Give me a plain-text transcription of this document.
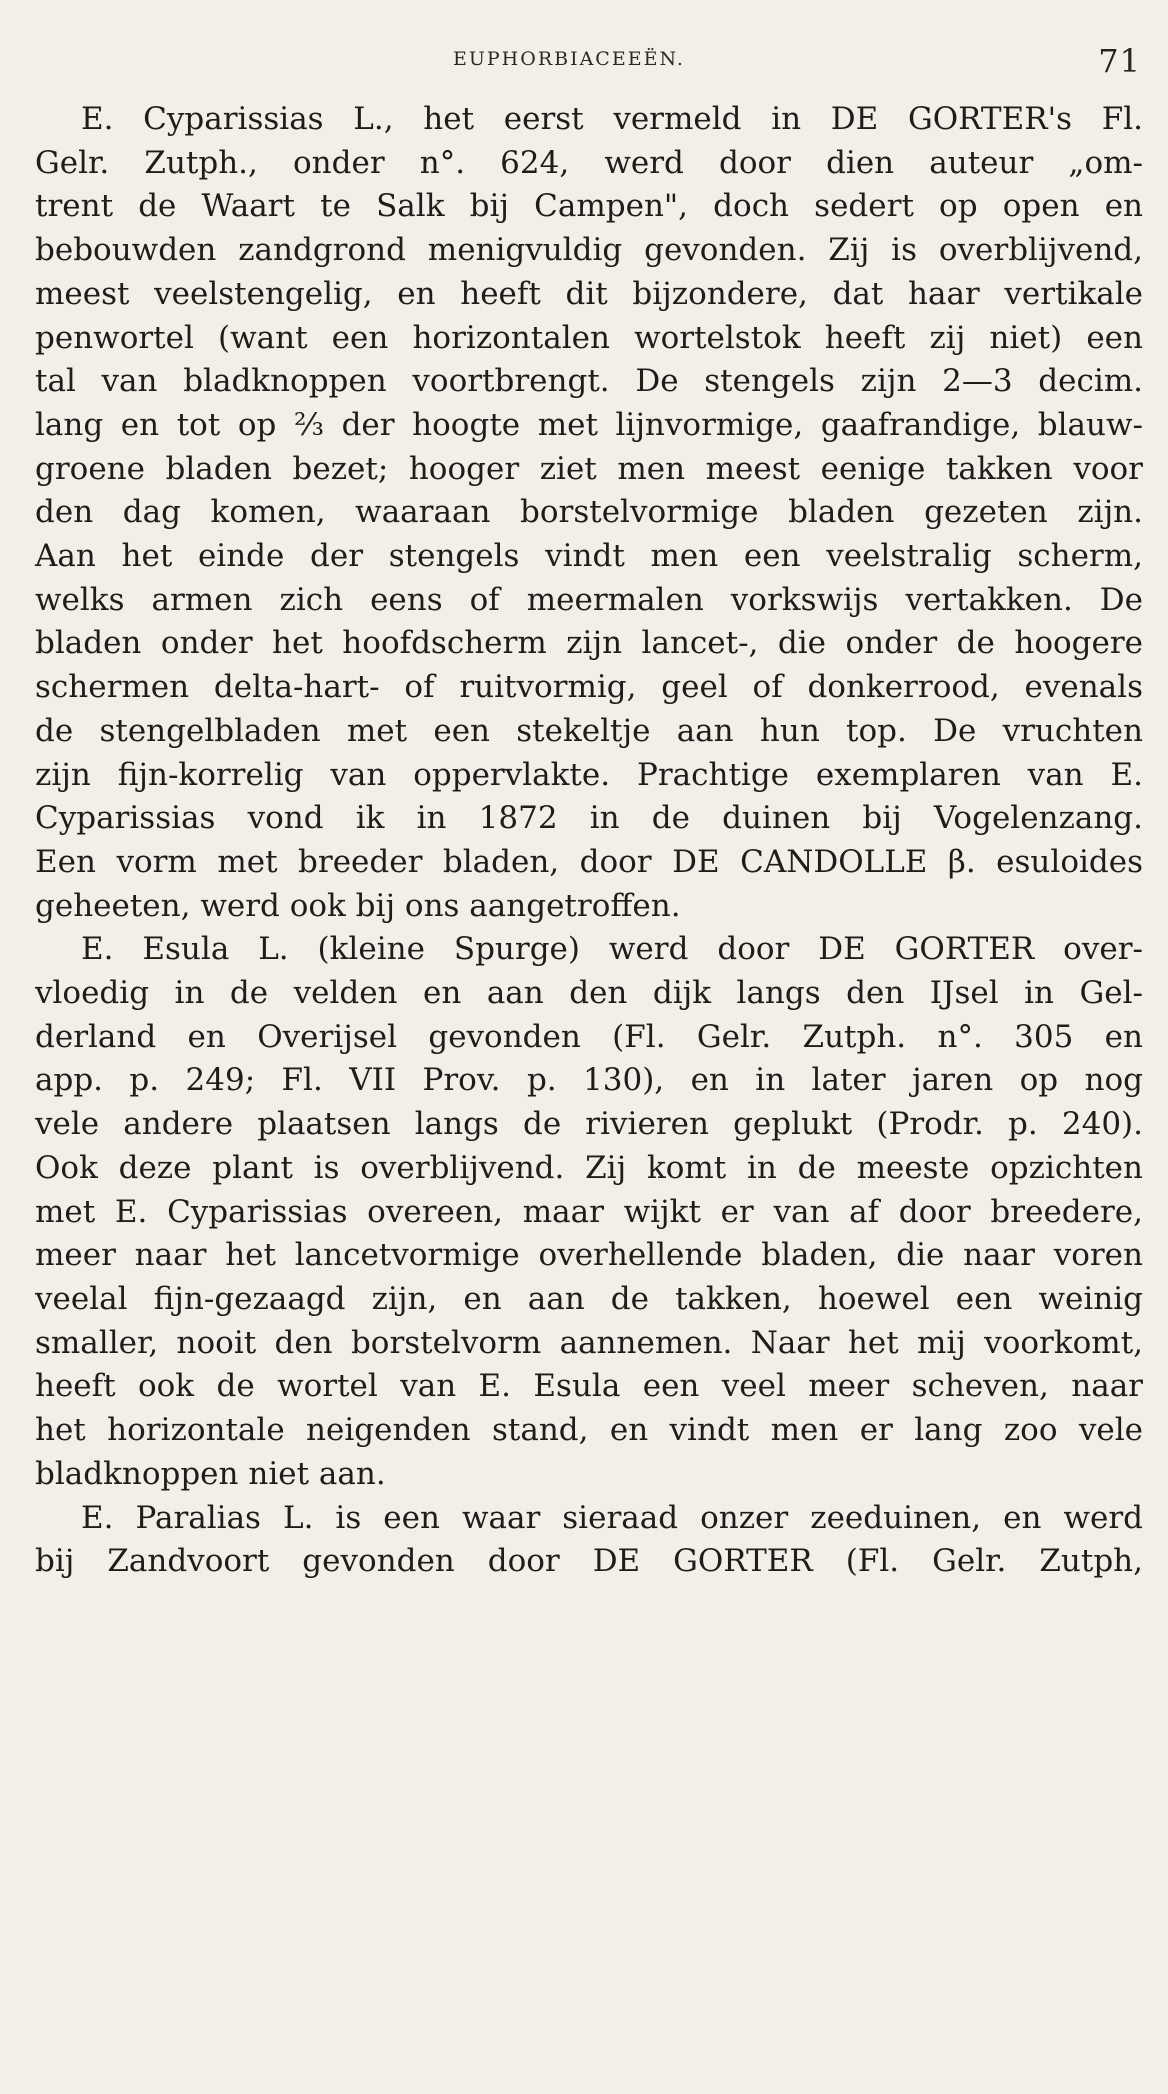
EUPHORBIACEEËN.	71
E. Cyparissias L., het eerst vermeld in DE GORTER's Fl.
Gelr. Zutph., onder n°. 624, werd door dien auteur „om-
trent de Waart te Salk bij Campen", doch sedert op open en
bebouwden zandgrond menigvuldig gevonden. Zij is overblijvend,
meest veelstengelig, en heeft dit bijzondere, dat haar vertikale
penwortel (want een horizontalen wortelstok heeft zij niet) een
tal van bladknoppen voortbrengt. De stengels zijn 2—3 decim.
lang en tot op ⅔ der hoogte met lijnvormige, gaafrandige, blauw-
groene bladen bezet; hooger ziet men meest eenige takken voor
den dag komen, waaraan borstelvormige bladen gezeten zijn.
Aan het einde der stengels vindt men een veelstralig scherm,
welks armen zich eens of meermalen vorkswijs vertakken. De
bladen onder het hoofdscherm zijn lancet-, die onder de hoogere
schermen delta-hart- of ruitvormig, geel of donkerrood, evenals
de stengelbladen met een stekeltje aan hun top. De vruchten
zijn fijn-korrelig van oppervlakte. Prachtige exemplaren van E.
Cyparissias vond ik in 1872 in de duinen bij Vogelenzang.
Een vorm met breeder bladen, door DE CANDOLLE β. esuloides
geheeten, werd ook bij ons aangetroffen.
E. Esula L. (kleine Spurge) werd door DE GORTER over-
vloedig in de velden en aan den dijk langs den IJsel in Gel-
derland en Overijsel gevonden (Fl. Gelr. Zutph. n°. 305 en
app. p. 249; Fl. VII Prov. p. 130), en in later jaren op nog
vele andere plaatsen langs de rivieren geplukt (Prodr. p. 240).
Ook deze plant is overblijvend. Zij komt in de meeste opzichten
met E. Cyparissias overeen, maar wijkt er van af door breedere,
meer naar het lancetvormige overhellende bladen, die naar voren
veelal fijn-gezaagd zijn, en aan de takken, hoewel een weinig
smaller, nooit den borstelvorm aannemen. Naar het mij voorkomt,
heeft ook de wortel van E. Esula een veel meer scheven, naar
het horizontale neigenden stand, en vindt men er lang zoo vele
bladknoppen niet aan.
E. Paralias L. is een waar sieraad onzer zeeduinen, en werd
bij Zandvoort gevonden door DE GORTER (Fl. Gelr. Zutph,
